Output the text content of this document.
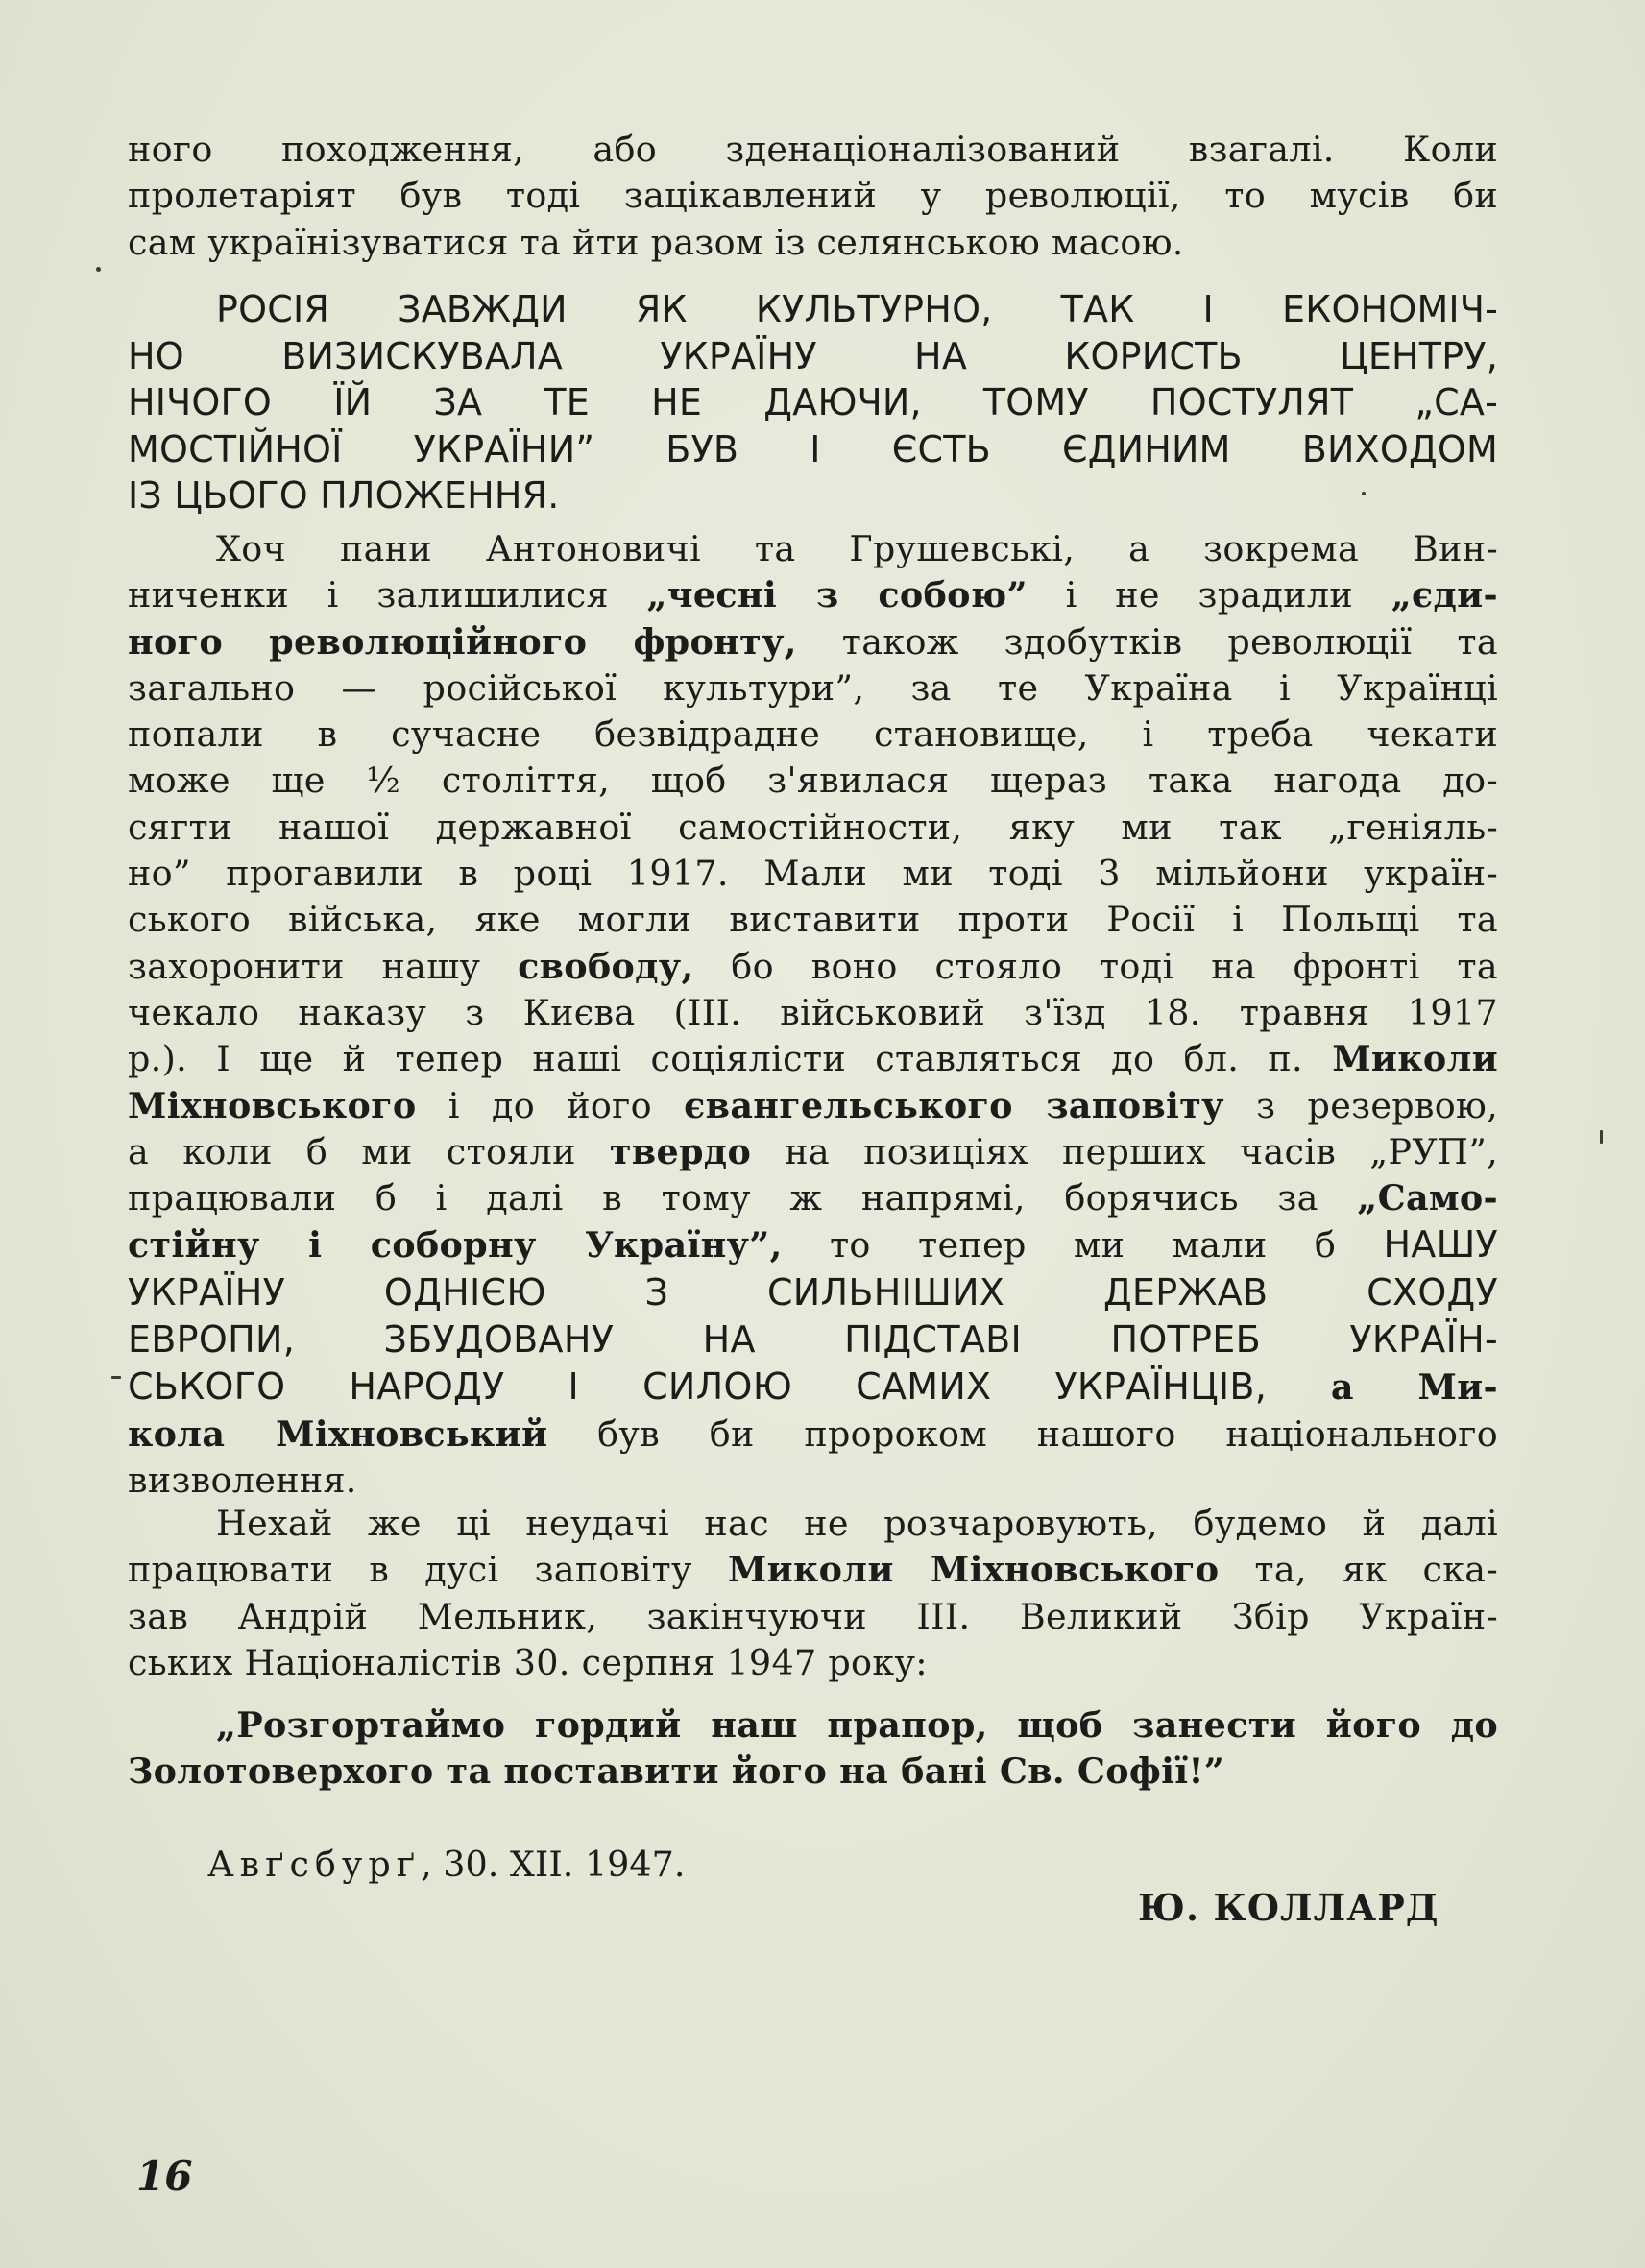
ного походження, або зденаціоналізований взагалі. Коли
пролетаріят був тоді зацікавлений у революції, то мусів би
сам українізуватися та йти разом із селянською масою.
РОСІЯ ЗАВЖДИ ЯК КУЛЬТУРНО, ТАК І ЕКОНОМІЧ-
НО ВИЗИСКУВАЛА УКРАЇНУ НА КОРИСТЬ ЦЕНТРУ,
НІЧОГО ЇЙ ЗА ТЕ НЕ ДАЮЧИ, ТОМУ ПОСТУЛЯТ „СА-
МОСТІЙНОЇ УКРАЇНИ” БУВ І ЄСТЬ ЄДИНИМ ВИХОДОМ
ІЗ ЦЬОГО ПЛОЖЕННЯ.
Хоч пани Антоновичі та Грушевські, а зокрема Вин-
ниченки і залишилися „чесні з собою” і не зрадили „єди-
ного революційного фронту, також здобутків революції та
загально — російської культури”, за те Україна і Українці
попали в сучасне безвідрадне становище, і треба чекати
може ще ½ століття, щоб з'явилася щераз така нагода до-
сягти нашої державної самостійности, яку ми так „геніяль-
но” прогавили в році 1917. Мали ми тоді 3 мільйони україн-
ського війська, яке могли виставити проти Росії і Польщі та
захоронити нашу свободу, бо воно стояло тоді на фронті та
чекало наказу з Києва (III. військовий з'їзд 18. травня 1917
р.). І ще й тепер наші соціялісти ставляться до бл. п. Миколи
Міхновського і до його євангельського заповіту з резервою,
а коли б ми стояли твердо на позиціях перших часів „РУП”,
працювали б і далі в тому ж напрямі, борячись за „Само-
стійну і соборну Україну”, то тепер ми мали б НАШУ
УКРАЇНУ ОДНІЄЮ З СИЛЬНІШИХ ДЕРЖАВ СХОДУ
ЕВРОПИ, ЗБУДОВАНУ НА ПІДСТАВІ ПОТРЕБ УКРАЇН-
СЬКОГО НАРОДУ І СИЛОЮ САМИХ УКРАЇНЦІВ, а Ми-
кола Міхновський був би пророком нашого національного
визволення.
Нехай же ці неудачі нас не розчаровують, будемо й далі
працювати в дусі заповіту Миколи Міхновського та, як ска-
зав Андрій Мельник, закінчуючи III. Великий Збір Україн-
ських Націоналістів 30. серпня 1947 року:
„Розгортаймо гордий наш прапор, щоб занести його до
Золотоверхого та поставити його на бані Св. Софії!”
Авґсбурґ, 30. XII. 1947.
Ю. КОЛЛАРД
16
